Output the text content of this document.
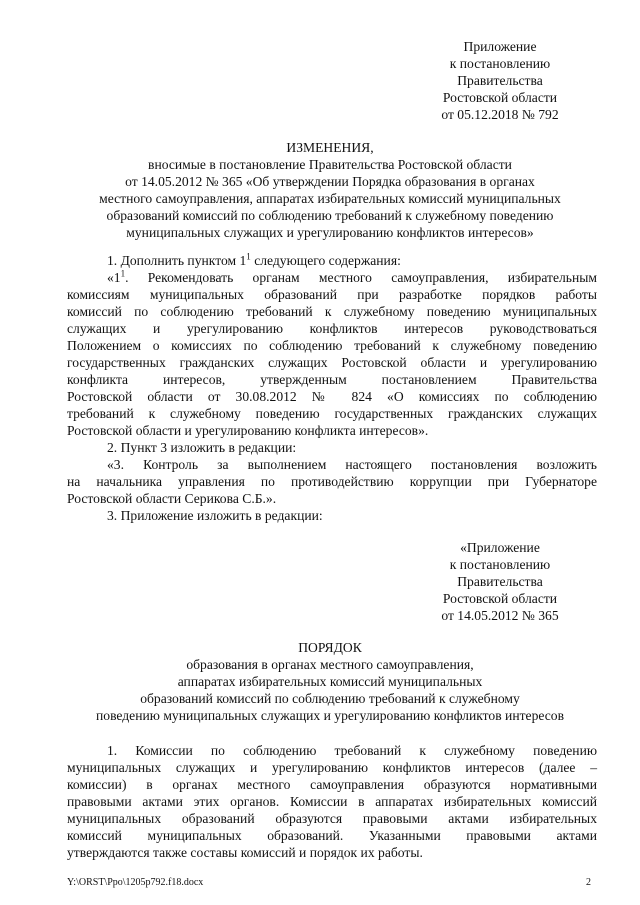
Приложение
к постановлению
Правительства
Ростовской области
от 05.12.2018 № 792
ИЗМЕНЕНИЯ,
вносимые в постановление Правительства Ростовской области
от 14.05.2012 № 365 «Об утверждении Порядка образования в органах
местного самоуправления, аппаратах избирательных комиссий муниципальных
образований комиссий по соблюдению требований к служебному поведению
муниципальных служащих и урегулированию конфликтов интересов»
1. Дополнить пунктом $1^1$ следующего содержания:
«$1^1$. Рекомендовать органам местного самоуправления, избирательным
комиссиям муниципальных образований при разработке порядков работы
комиссий по соблюдению требований к служебному поведению муниципальных
служащих и урегулированию конфликтов интересов руководствоваться
Положением о комиссиях по соблюдению требований к служебному поведению
государственных гражданских служащих Ростовской области и урегулированию
конфликта интересов, утвержденным постановлением Правительства
Ростовской области от 30.08.2012 № 824 «О комиссиях по соблюдению
требований к служебному поведению государственных гражданских служащих
Ростовской области и урегулированию конфликта интересов».
2. Пункт 3 изложить в редакции:
«3. Контроль за выполнением настоящего постановления возложить
на начальника управления по противодействию коррупции при Губернаторе
Ростовской области Серикова С.Б.».
3. Приложение изложить в редакции:
«Приложение
к постановлению
Правительства
Ростовской области
от 14.05.2012 № 365
ПОРЯДОК
образования в органах местного самоуправления,
аппаратах избирательных комиссий муниципальных
образований комиссий по соблюдению требований к служебному
поведению муниципальных служащих и урегулированию конфликтов интересов
1. Комиссии по соблюдению требований к служебному поведению
муниципальных служащих и урегулированию конфликтов интересов (далее –
комиссии) в органах местного самоуправления образуются нормативными
правовыми актами этих органов. Комиссии в аппаратах избирательных комиссий
муниципальных образований образуются правовыми актами избирательных
комиссий муниципальных образований. Указанными правовыми актами
утверждаются также составы комиссий и порядок их работы.
Y:\ORST\Ppo\1205p792.f18.docx	2
